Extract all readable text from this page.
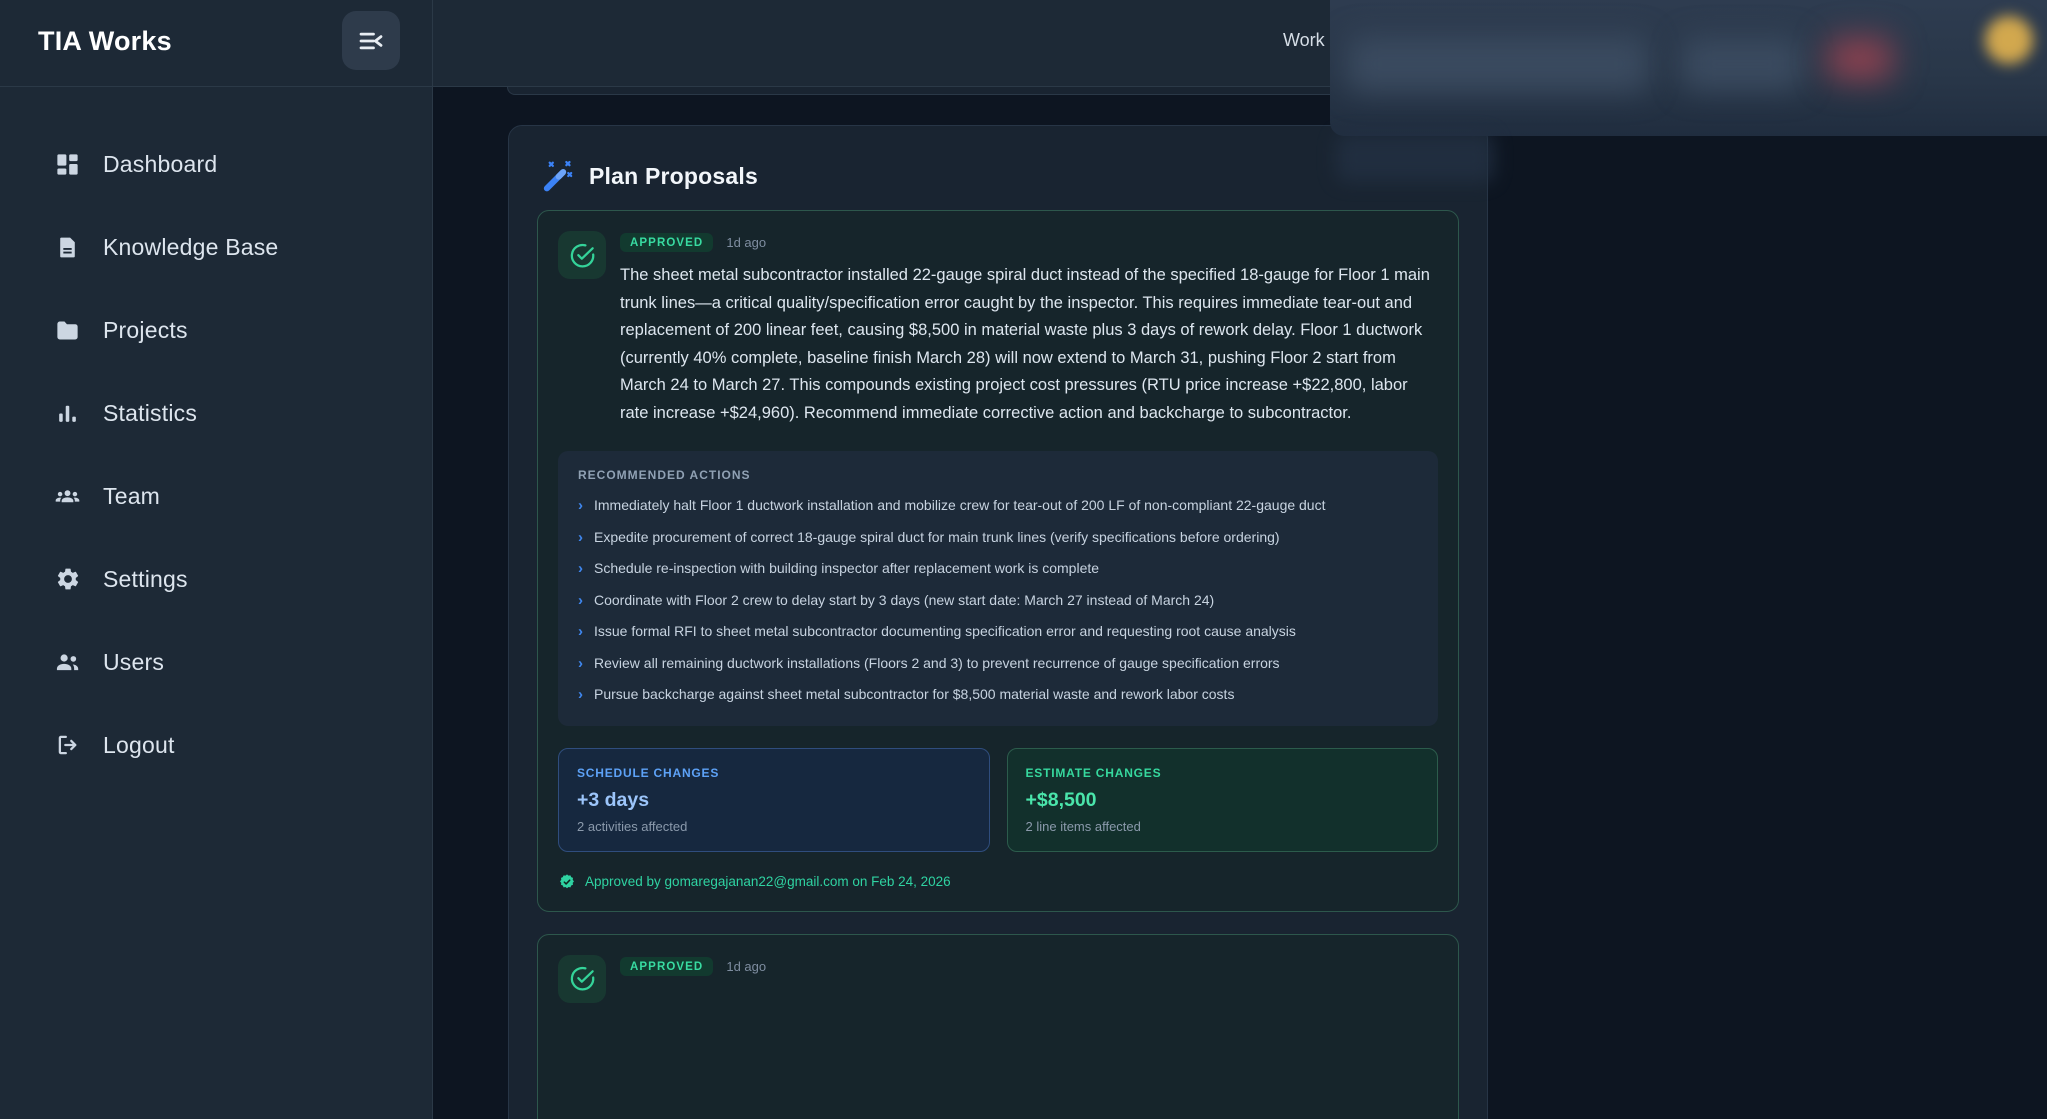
TIA Works
Dashboard
Knowledge Base
Projects
Statistics
Team
Settings
Users
Logout
Work
Plan Proposals
APPROVED	1d ago

The sheet metal subcontractor installed 22-gauge spiral duct instead of the specified 18-gauge for Floor 1 main trunk lines—a critical quality/specification error caught by the inspector. This requires immediate tear-out and replacement of 200 linear feet, causing $8,500 in material waste plus 3 days of rework delay. Floor 1 ductwork (currently 40% complete, baseline finish March 28) will now extend to March 31, pushing Floor 2 start from March 24 to March 27. This compounds existing project cost pressures (RTU price increase +$22,800, labor rate increase +$24,960). Recommend immediate corrective action and backcharge to subcontractor.

RECOMMENDED ACTIONS
› Immediately halt Floor 1 ductwork installation and mobilize crew for tear-out of 200 LF of non-compliant 22-gauge duct
› Expedite procurement of correct 18-gauge spiral duct for main trunk lines (verify specifications before ordering)
› Schedule re-inspection with building inspector after replacement work is complete
› Coordinate with Floor 2 crew to delay start by 3 days (new start date: March 27 instead of March 24)
› Issue formal RFI to sheet metal subcontractor documenting specification error and requesting root cause analysis
› Review all remaining ductwork installations (Floors 2 and 3) to prevent recurrence of gauge specification errors
› Pursue backcharge against sheet metal subcontractor for $8,500 material waste and rework labor costs
SCHEDULE CHANGES
+3 days
2 activities affected
ESTIMATE CHANGES
+$8,500
2 line items affected
Approved by gomaregajanan22@gmail.com on Feb 24, 2026
APPROVED	1d ago
